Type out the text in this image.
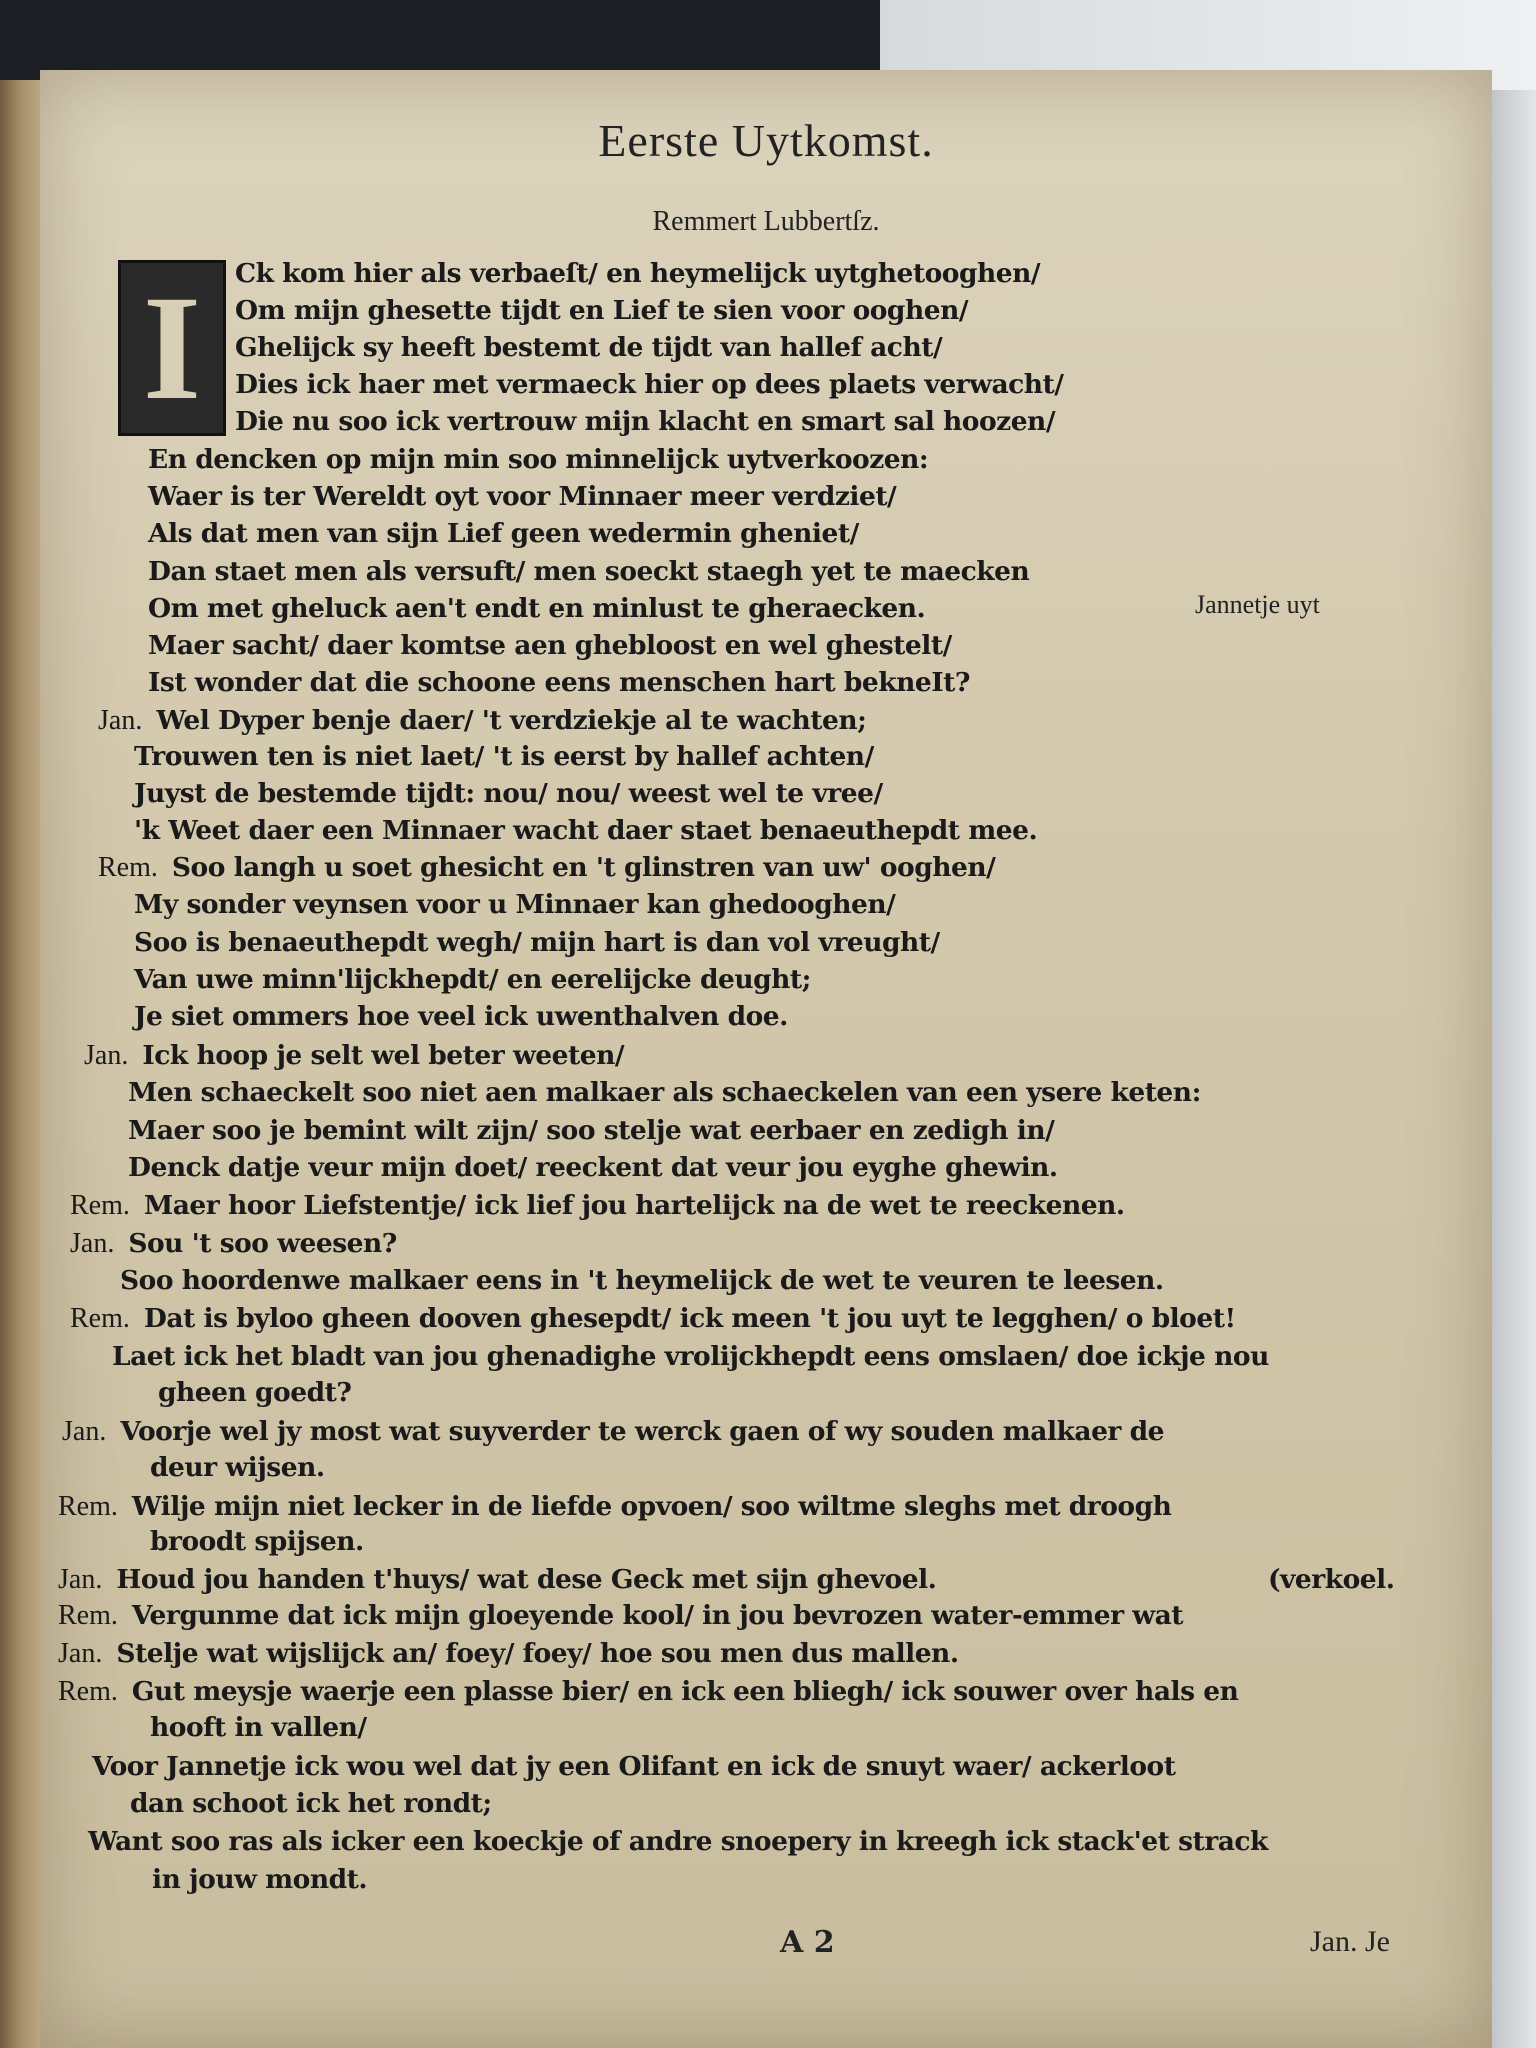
Eerste Uytkomst.
Remmert Lubbertſz.
I
Jannetje uyt
Ck kom hier als verbaeſt/ en heymelijck uytghetooghen/
Om mijn ghesette tijdt en Lief te sien voor ooghen/
Ghelijck sy heeft bestemt de tijdt van hallef acht/
Dies ick haer met vermaeck hier op dees plaets verwacht/
Die nu soo ick vertrouw mijn klacht en smart sal hoozen/
En dencken op mijn min soo minnelijck uytverkoozen:
Waer is ter Wereldt oyt voor Minnaer meer verdziet/
Als dat men van sijn Lief geen wedermin gheniet/
Dan staet men als versuft/ men soeckt staegh yet te maecken
Om met gheluck aen't endt en minlust te gheraecken.
Maer sacht/ daer komtse aen ghebloost en wel ghestelt/
Ist wonder dat die schoone eens menschen hart bekneIt?
Jan. Wel Dyper benje daer/ 't verdziekje al te wachten;
Trouwen ten is niet laet/ 't is eerst by hallef achten/
Juyst de bestemde tijdt: nou/ nou/ weest wel te vree/
'k Weet daer een Minnaer wacht daer staet benaeuthepdt mee.
Rem. Soo langh u soet ghesicht en 't glinstren van uw' ooghen/
My sonder veynsen voor u Minnaer kan ghedooghen/
Soo is benaeuthepdt wegh/ mijn hart is dan vol vreught/
Van uwe minn'lijckhepdt/ en eerelijcke deught;
Je siet ommers hoe veel ick uwenthalven doe.
Jan. Ick hoop je selt wel beter weeten/
Men schaeckelt soo niet aen malkaer als schaeckelen van een ysere keten:
Maer soo je bemint wilt zijn/ soo stelje wat eerbaer en zedigh in/
Denck datje veur mijn doet/ reeckent dat veur jou eyghe ghewin.
Rem. Maer hoor Liefstentje/ ick lief jou hartelijck na de wet te reeckenen.
Jan. Sou 't soo weesen?
Soo hoordenwe malkaer eens in 't heymelijck de wet te veuren te leesen.
Rem. Dat is byloo gheen dooven ghesepdt/ ick meen 't jou uyt te legghen/ o bloet!
Laet ick het bladt van jou ghenadighe vrolijckhepdt eens omslaen/ doe ickje nou
gheen goedt?
Jan. Voorje wel jy most wat suyverder te werck gaen of wy souden malkaer de
deur wijsen.
Rem. Wilje mijn niet lecker in de liefde opvoen/ soo wiltme sleghs met droogh
broodt spijsen.
Jan. Houd jou handen t'huys/ wat dese Geck met sijn ghevoel.
Rem. Vergunme dat ick mijn gloeyende kool/ in jou bevrozen water-emmer wat
Jan. Stelje wat wijslijck an/ foey/ foey/ hoe sou men dus mallen.
Rem. Gut meysje waerje een plasse bier/ en ick een bliegh/ ick souwer over hals en
hooft in vallen/
Voor Jannetje ick wou wel dat jy een Olifant en ick de snuyt waer/ ackerloot
dan schoot ick het rondt;
Want soo ras als icker een koeckje of andre snoepery in kreegh ick stack'et strack
in jouw mondt.
(verkoel.
A 2	Jan. Je
